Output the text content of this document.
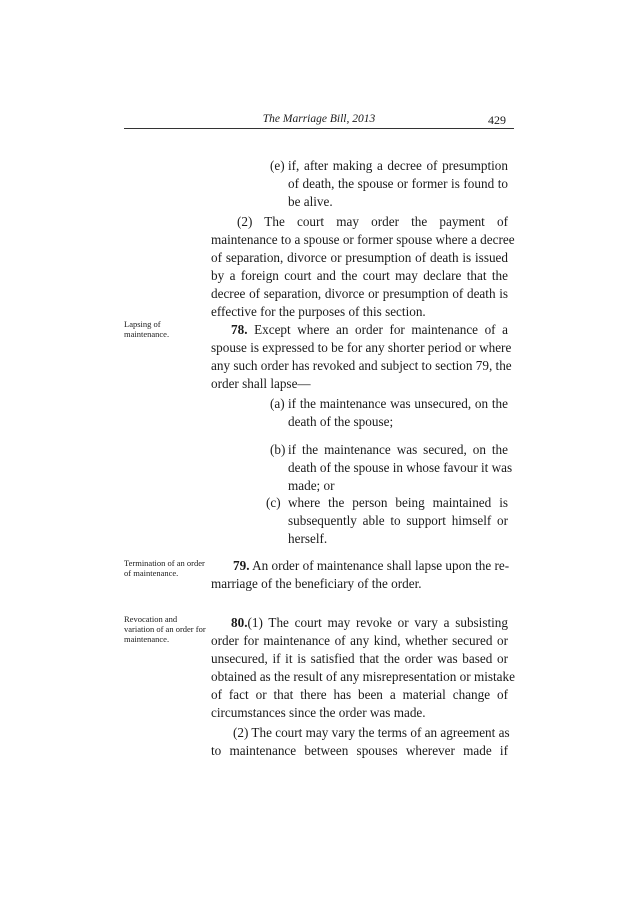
The Marriage Bill, 2013	429
(e) if, after making a decree of presumption
of death, the spouse or former is found to
be alive.
(2) The court may order the payment of
maintenance to a spouse or former spouse where a decree
of separation, divorce or presumption of death is issued
by a foreign court and the court may declare that the
decree of separation, divorce or presumption of death is
effective for the purposes of this section.
Lapsing of
maintenance.	78. Except where an order for maintenance of a
spouse is expressed to be for any shorter period or where
any such order has revoked and subject to section 79, the
order shall lapse—
(a) if the maintenance was unsecured, on the
death of the spouse;
(b) if the maintenance was secured, on the
death of the spouse in whose favour it was
made; or
(c) where the person being maintained is
subsequently able to support himself or
herself.
Termination of an order
of maintenance.	79. An order of maintenance shall lapse upon the re-
marriage of the beneficiary of the order.
Revocation and
variation of an order for
maintenance.
80.(1) The court may revoke or vary a subsisting
order for maintenance of any kind, whether secured or
unsecured, if it is satisfied that the order was based or
obtained as the result of any misrepresentation or mistake
of fact or that there has been a material change of
circumstances since the order was made.
(2) The court may vary the terms of an agreement as
to maintenance between spouses wherever made if
